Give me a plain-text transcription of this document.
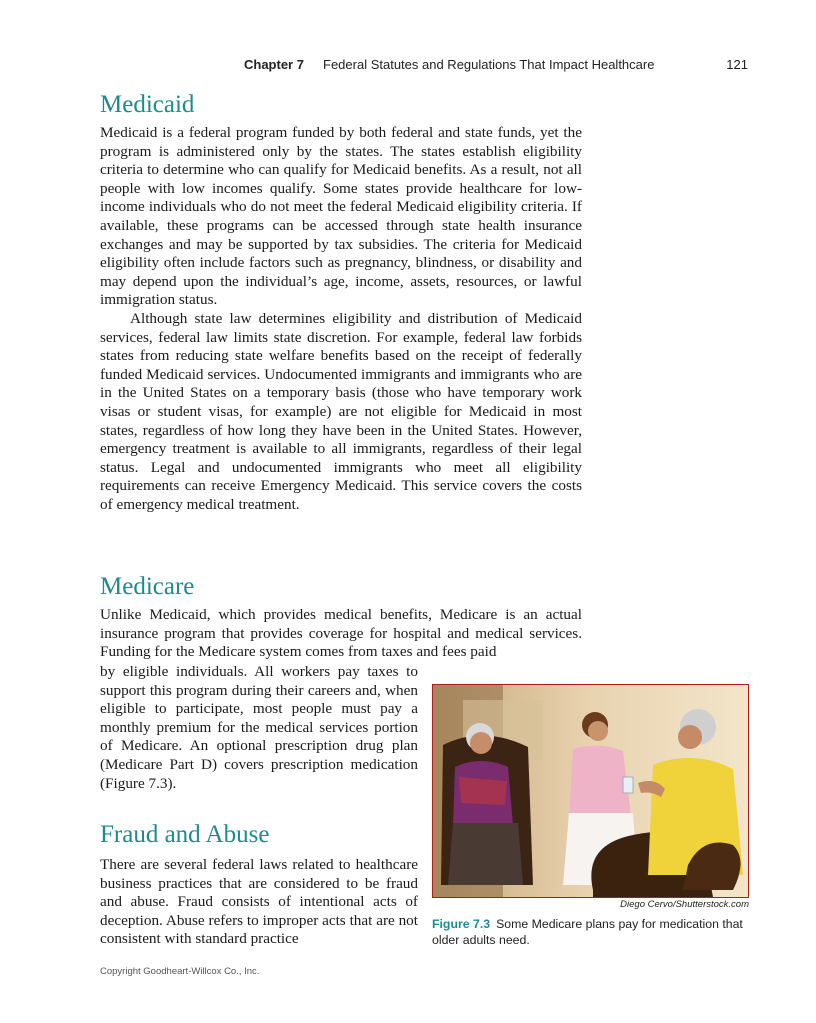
Chapter 7 Federal Statutes and Regulations That Impact Healthcare	121
Medicaid

Medicaid is a federal program funded by both federal and state funds, yet the program is administered only by the states. The states establish eligibility criteria to determine who can qualify for Medicaid benefits. As a result, not all people with low incomes qualify. Some states provide healthcare for low-income individuals who do not meet the federal Medicaid eligibility criteria. If available, these programs can be accessed through state health insurance exchanges and may be supported by tax subsidies. The criteria for Medicaid eligibility often include factors such as pregnancy, blindness, or disability and may depend upon the individual’s age, income, assets, resources, or lawful immigration status.

Although state law determines eligibility and distribution of Medicaid services, federal law limits state discretion. For example, federal law forbids states from reducing state welfare benefits based on the receipt of federally funded Medicaid services. Undocumented immigrants and immigrants who are in the United States on a temporary basis (those who have temporary work visas or student visas, for example) are not eligible for Medicaid in most states, regardless of how long they have been in the United States. However, emergency treatment is available to all immigrants, regardless of their legal status. Legal and undocumented immigrants who meet all eligibility requirements can receive Emergency Medicaid. This service covers the costs of emergency medical treatment.

Medicare

Unlike Medicaid, which provides medical benefits, Medicare is an actual insurance program that provides coverage for hospital and medical services. Funding for the Medicare system comes from taxes and fees paid

by eligible individuals. All workers pay taxes to support this program during their careers and, when eligible to participate, most people must pay a monthly premium for the medical services portion of Medicare. An optional prescription drug plan (Medicare Part D) covers prescription medication (Figure 7.3).

Fraud and Abuse

There are several federal laws related to healthcare business practices that are considered to be fraud and abuse. Fraud consists of intentional acts of deception. Abuse refers to improper acts that are not consistent with standard practice

Diego Cervo/Shutterstock.com
Figure 7.3 Some Medicare plans pay for medication that older adults need.
Copyright Goodheart-Willcox Co., Inc.
